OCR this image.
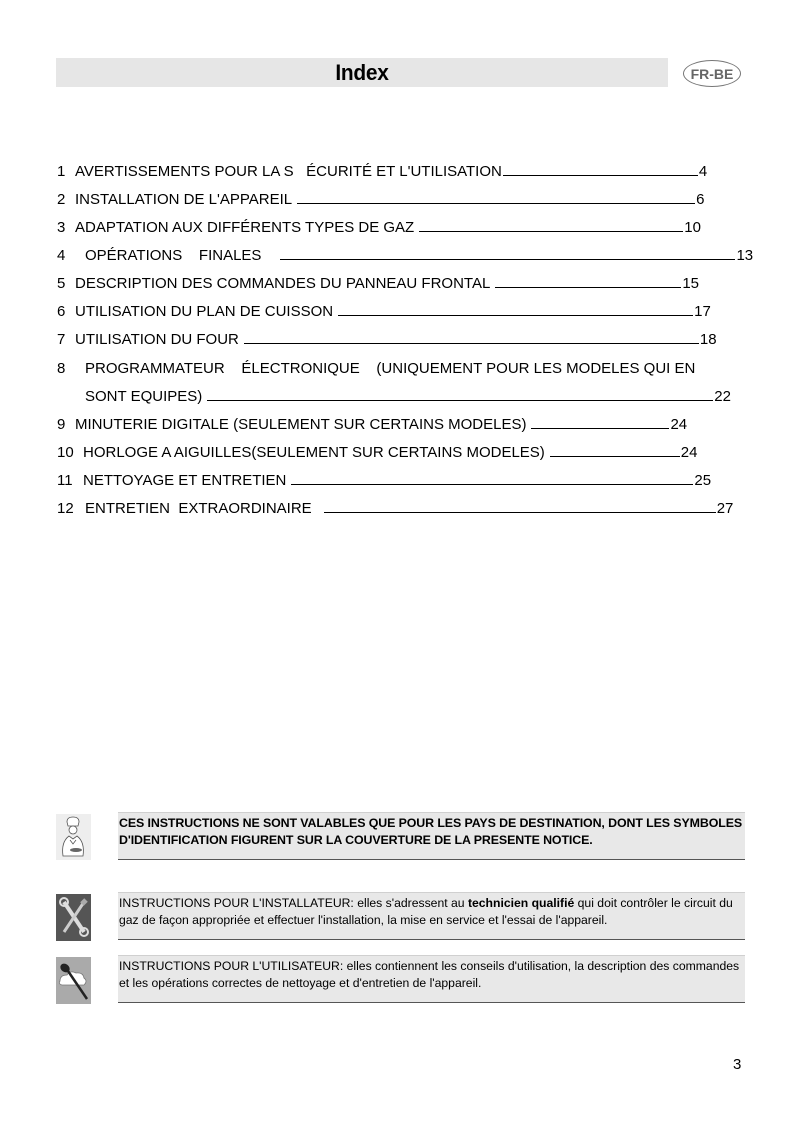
Index	FR-BE
1 AVERTISSEMENTS POUR LA S   ÉCURITÉ ET L'UTILISATION	4
2 INSTALLATION DE L'APPAREIL	6
3 ADAPTATION AUX DIFFÉRENTS TYPES DE GAZ	10
4	OPÉRATIONS    FINALES	13
5 DESCRIPTION DES COMMANDES DU PANNEAU FRONTAL	15
6 UTILISATION DU PLAN DE CUISSON	17
7 UTILISATION DU FOUR	18
8	PROGRAMMATEUR    ÉLECTRONIQUE    (UNIQUEMENT POUR LES MODELES QUI EN
SONT EQUIPES)	22
9 MINUTERIE DIGITALE (SEULEMENT SUR CERTAINS MODELES)	24
10 HORLOGE A AIGUILLES(SEULEMENT SUR CERTAINS MODELES)	24
11 NETTOYAGE ET ENTRETIEN	25
12 ENTRETIEN  EXTRAORDINAIRE	27
CES INSTRUCTIONS NE SONT VALABLES QUE POUR LES PAYS DE DESTINATION, DONT LES SYMBOLES D'IDENTIFICATION FIGURENT SUR LA COUVERTURE DE LA PRESENTE NOTICE.
INSTRUCTIONS POUR L'INSTALLATEUR: elles s'adressent au technicien qualifié qui doit contrôler le circuit du gaz de façon appropriée et effectuer l'installation, la mise en service et l'essai de l'appareil.
INSTRUCTIONS POUR L'UTILISATEUR: elles contiennent les conseils d'utilisation, la description des commandes et les opérations correctes de nettoyage et d'entretien de l'appareil.
3
